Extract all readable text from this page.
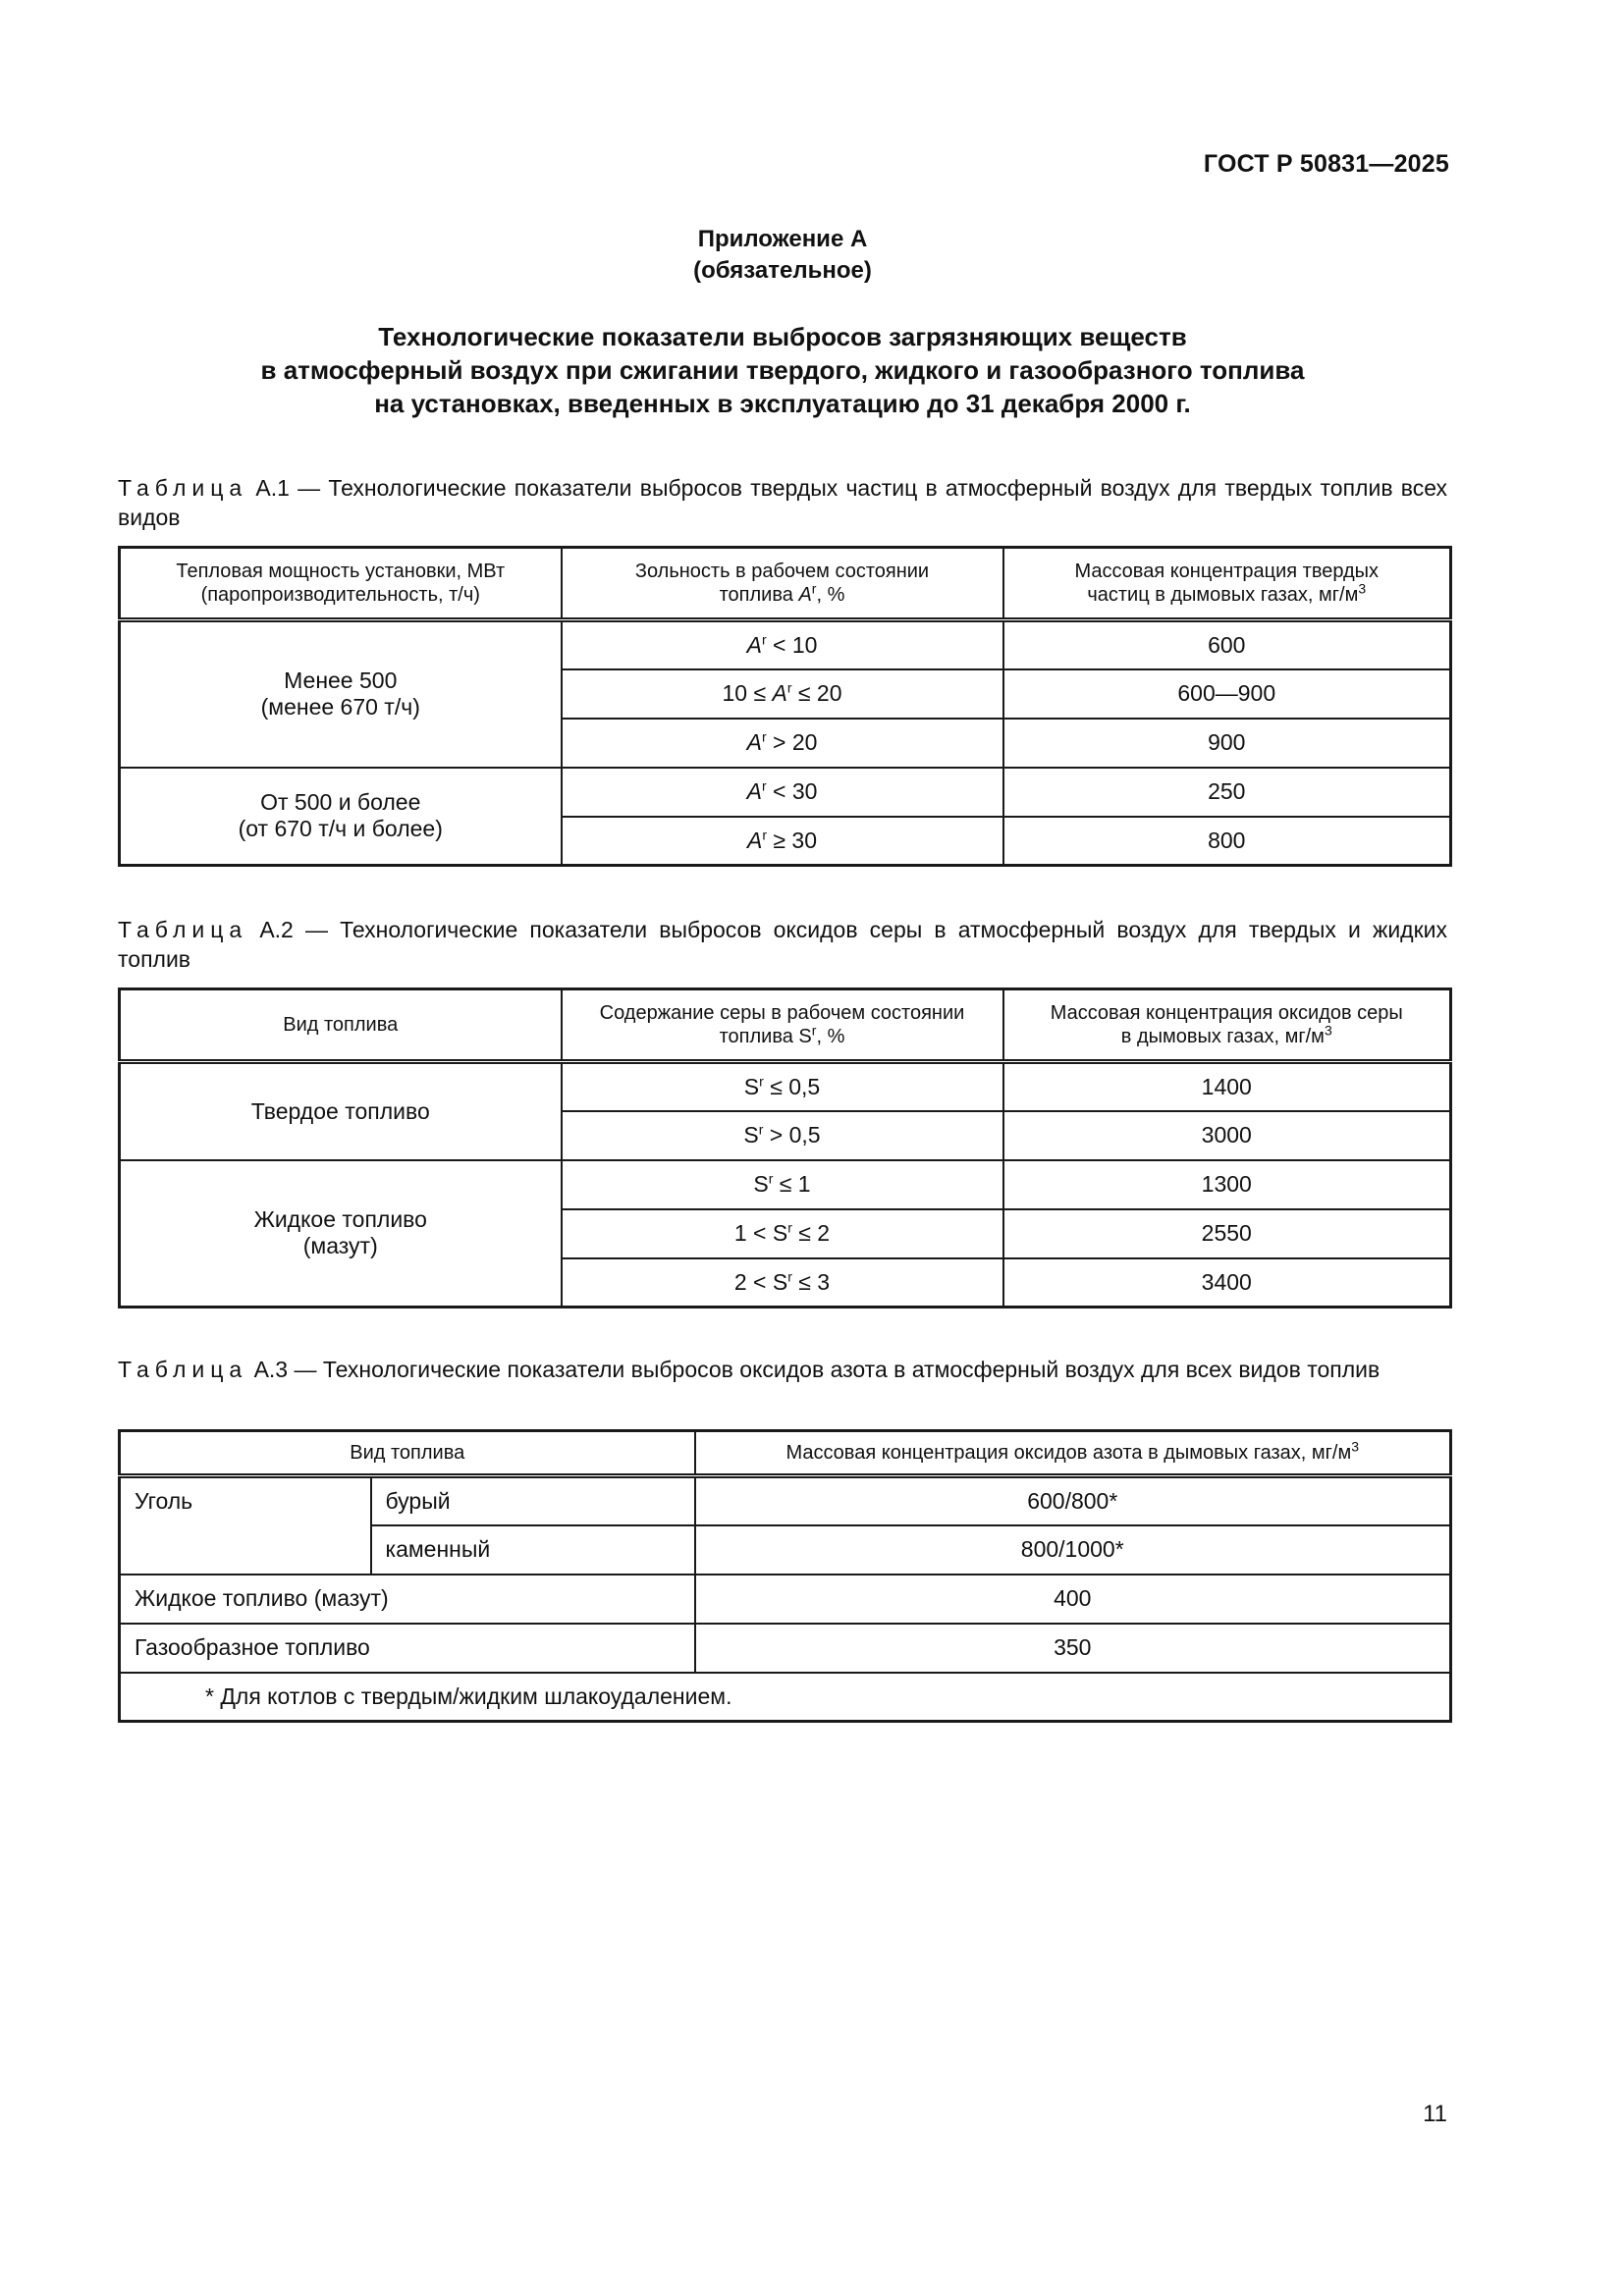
ГОСТ Р 50831—2025
Приложение А
(обязательное)
Технологические показатели выбросов загрязняющих веществ
в атмосферный воздух при сжигании твердого, жидкого и газообразного топлива
на установках, введенных в эксплуатацию до 31 декабря 2000 г.
Таблица А.1 — Технологические показатели выбросов твердых частиц в атмосферный воздух для твердых топлив всех видов
Тепловая мощность установки, МВт
(паропроизводительность, т/ч)	Зольность в рабочем состоянии
топлива $A^r$, %	Массовая концентрация твердых
частиц в дымовых газах, $мг/м^3$
Менее 500
(менее 670 т/ч)	$A^r < 10$	600
	$10 \le A^r \le 20$	600—900
	$A^r > 20$	900
От 500 и более
(от 670 т/ч и более)	$A^r < 30$	250
	$A^r \ge 30$	800
Таблица А.2 — Технологические показатели выбросов оксидов серы в атмосферный воздух для твердых и жидких топлив
Вид топлива	Содержание серы в рабочем состоянии
топлива $S^r$, %	Массовая концентрация оксидов серы
в дымовых газах, $мг/м^3$
Твердое топливо	$S^r \le 0,5$	1400
	$S^r > 0,5$	3000
Жидкое топливо
(мазут)	$S^r \le 1$	1300
	$1 < S^r \le 2$	2550
	$2 < S^r \le 3$	3400
Таблица А.3 — Технологические показатели выбросов оксидов азота в атмосферный воздух для всех видов топлив
Вид топлива		Массовая концентрация оксидов азота в дымовых газах, $мг/м^3$
Уголь	бурый	600/800*
	каменный	800/1000*
Жидкое топливо (мазут)		400
Газообразное топливо		350
* Для котлов с твердым/жидким шлакоудалением.		
11
